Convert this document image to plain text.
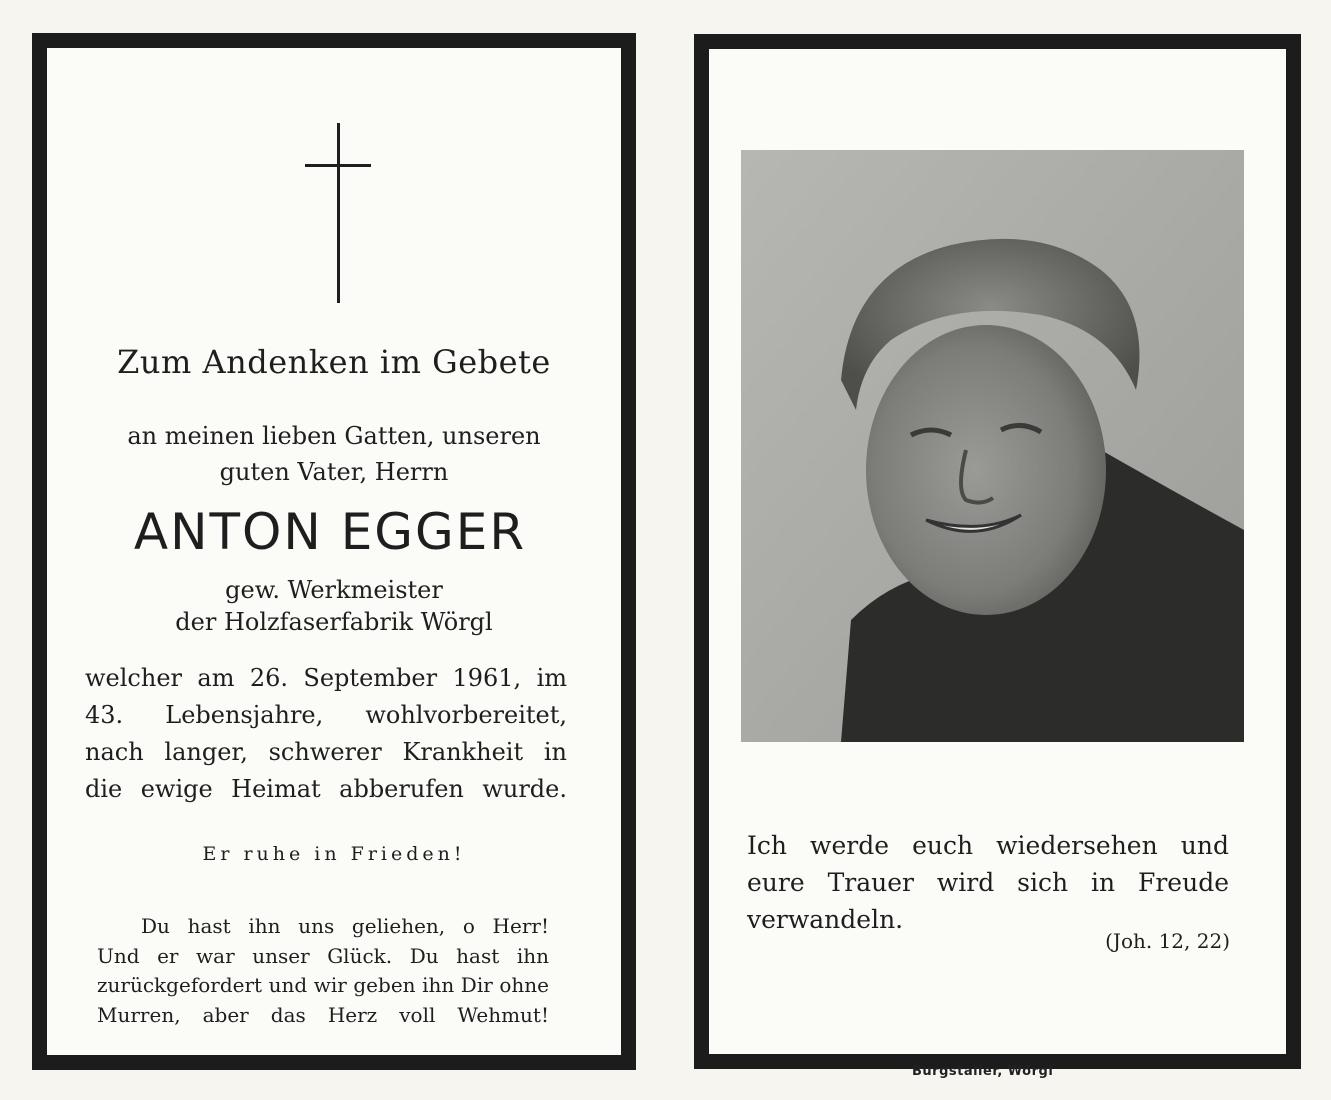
Zum Andenken im Gebete
an meinen lieben Gatten, unseren
guten Vater, Herrn
ANTON EGGER
gew. Werkmeister
der Holzfaserfabrik Wörgl
welcher am 26. September 1961, im
43. Lebensjahre, wohlvorbereitet,
nach langer, schwerer Krankheit in
die ewige Heimat abberufen wurde.
Er ruhe in Frieden!
Du hast ihn uns geliehen, o Herr!
Und er war unser Glück. Du hast ihn
zurückgefordert und wir geben ihn Dir ohne
Murren, aber das Herz voll Wehmut!
Ich werde euch wiedersehen und
eure Trauer wird sich in Freude
verwandeln.
(Joh. 12, 22)
Burgstaller, Wörgl
